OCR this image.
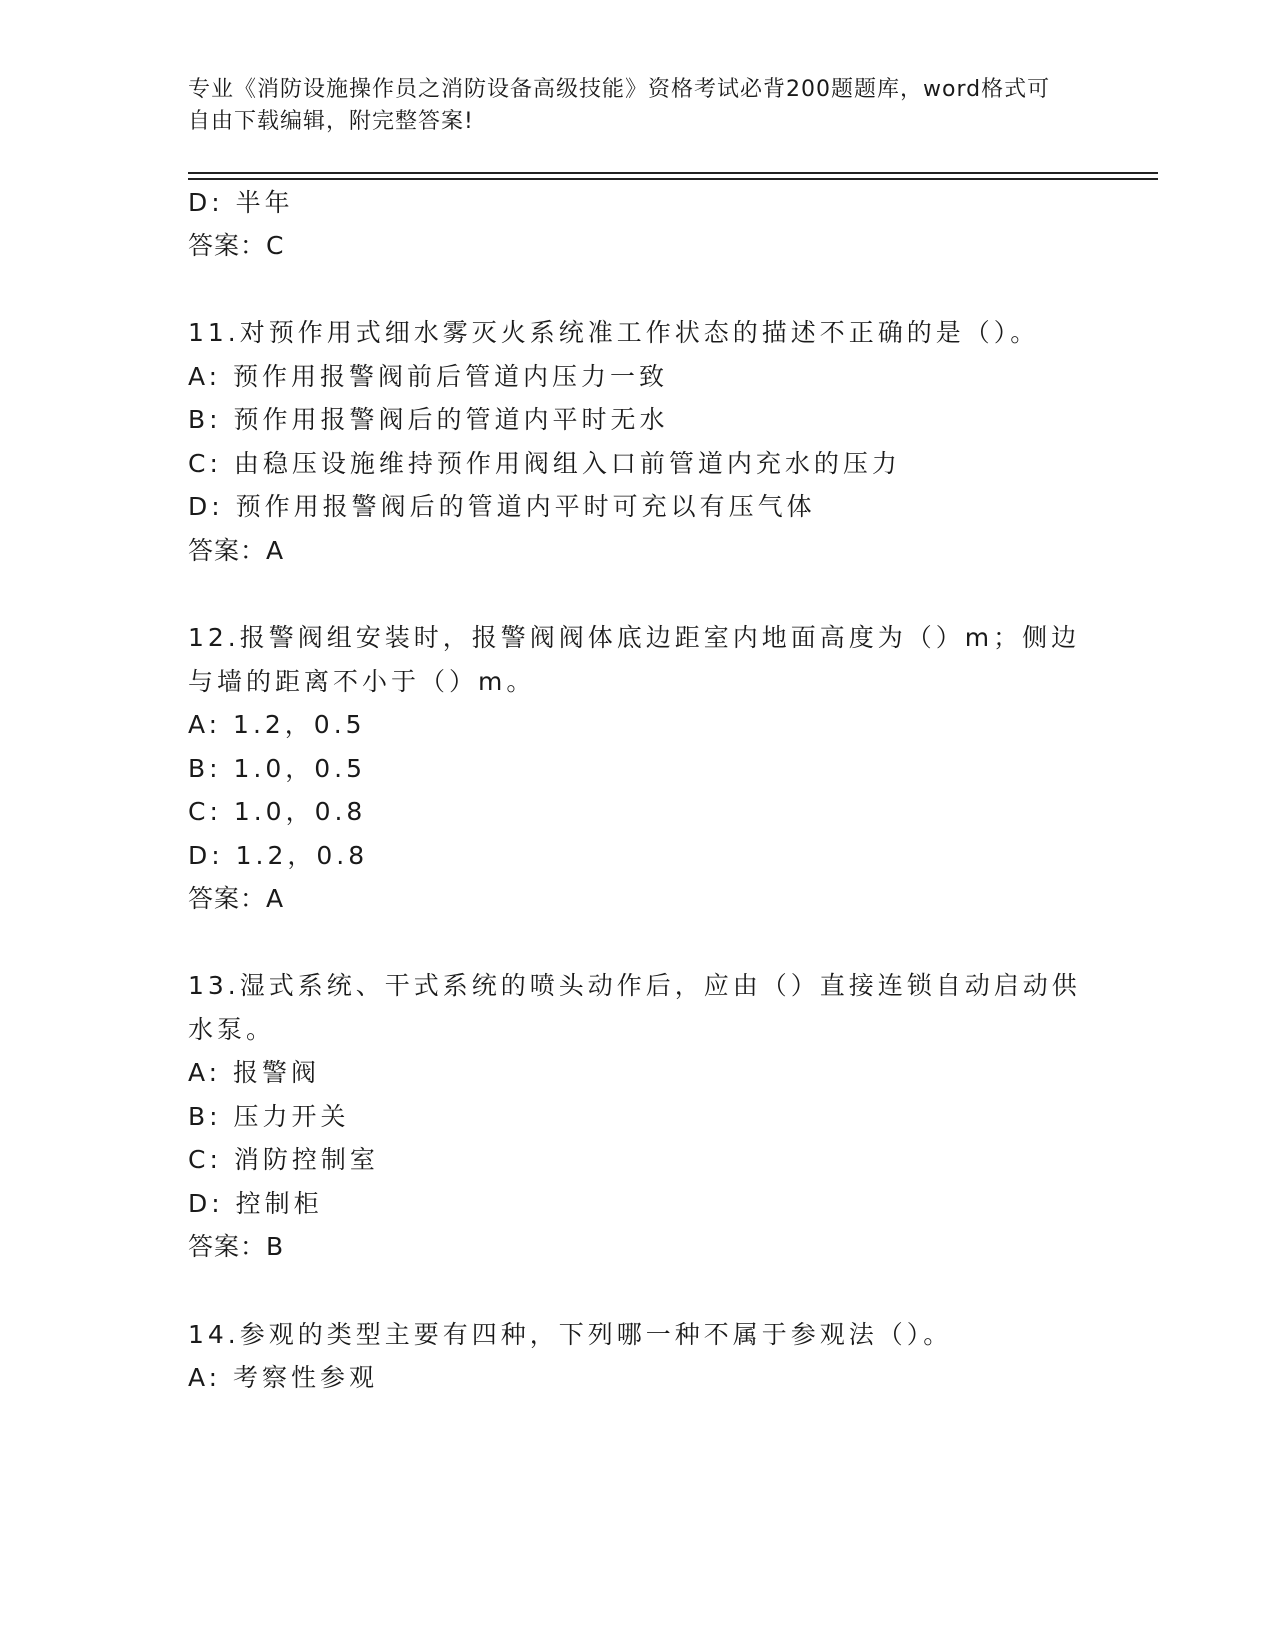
专业《消防设施操作员之消防设备高级技能》资格考试必背200题题库，word格式可自由下载编辑，附完整答案!
D: 半年
答案：C
11.对预作用式细水雾灭火系统准工作状态的描述不正确的是（）。
A: 预作用报警阀前后管道内压力一致
B: 预作用报警阀后的管道内平时无水
C: 由稳压设施维持预作用阀组入口前管道内充水的压力
D: 预作用报警阀后的管道内平时可充以有压气体
答案：A
12.报警阀组安装时，报警阀阀体底边距室内地面高度为（）m；侧边
与墙的距离不小于（）m。
A: 1.2，0.5
B: 1.0，0.5
C: 1.0，0.8
D: 1.2，0.8
答案：A
13.湿式系统、干式系统的喷头动作后，应由（）直接连锁自动启动供
水泵。
A: 报警阀
B: 压力开关
C: 消防控制室
D: 控制柜
答案：B
14.参观的类型主要有四种，下列哪一种不属于参观法（）。
A: 考察性参观
